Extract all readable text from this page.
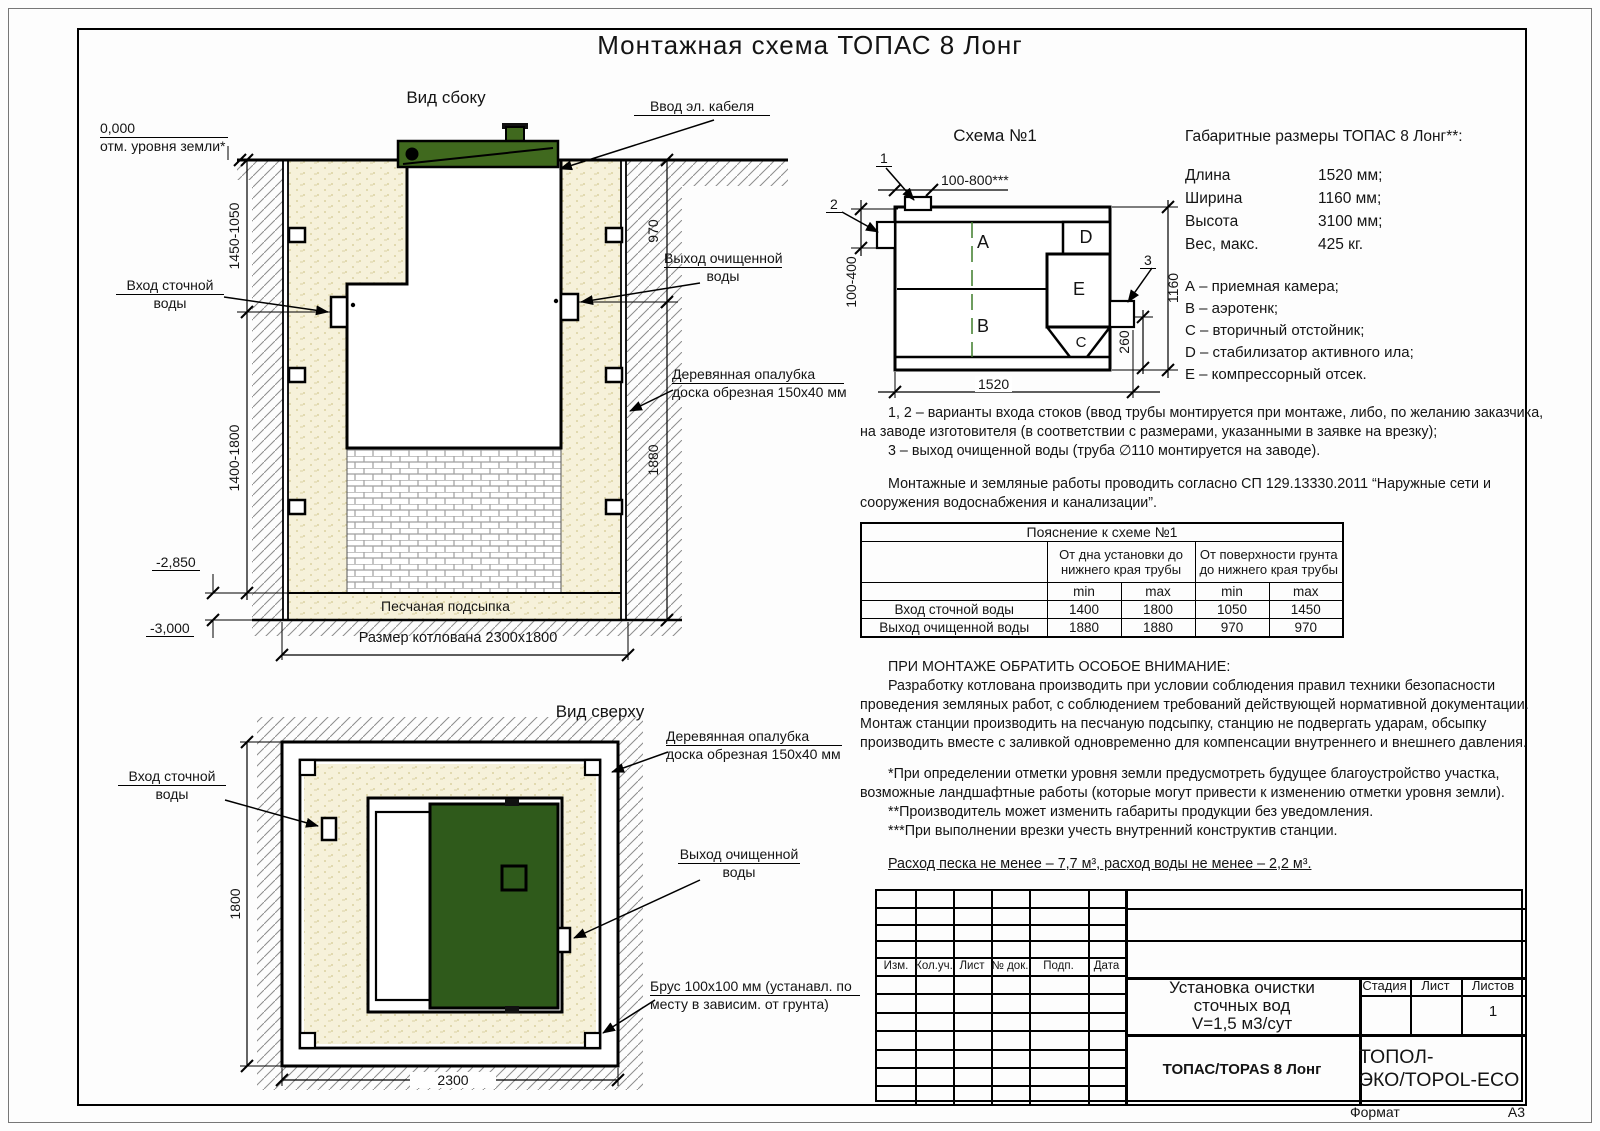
Монтажная схема ТОПАС 8 Лонг
Вид сбоку
0,000
отм. уровня земли*
Ввод эл. кабеля
Вход сточной
воды
Выход очищенной
воды
Деревянная опалубка
доска обрезная 150х40 мм
1450-1050
1400-1800
970
1880
-2,850
-3,000
Песчаная подсыпка
Размер котлована 2300х1800
Вид сверху
Вход сточной
воды
Деревянная опалубка
доска обрезная 150х40 мм
Выход очищенной
воды
Брус 100х100 мм (устанавл. по
месту в зависим. от грунта)
1800
2300
Схема №1
1
2
3
А
В
С
D
Е
100-800***
100-400	1160
260
1520
Габаритные размеры ТОПАС 8 Лонг**:
Длина	1520 мм;
Ширина	1160 мм;
Высота	3100 мм;
Вес, макс.	425 кг.
А – приемная камера;
В – аэротенк;
С – вторичный отстойник;
D – стабилизатор активного ила;
Е – компрессорный отсек.

1, 2 – варианты входа стоков (ввод трубы монтируется при монтаже, либо, по желанию заказчика, на заводе изготовителя (в соответствии с размерами, указанными в заявке на врезку);

3 – выход очищенной воды (труба ∅110 монтируется на заводе).

Монтажные и земляные работы проводить согласно СП 129.13330.2011 “Наружные сети и сооружения водоснабжения и канализации”.

Пояснение к схеме №1				
	От дна установки до нижнего края трубы		От поверхности грунта до нижнего края трубы	
	min	max	min	max
Вход сточной воды	1400	1800	1050	1450
Выход очищенной воды	1880	1880	970	970

ПРИ МОНТАЖЕ ОБРАТИТЬ ОСОБОЕ ВНИМАНИЕ:

Разработку котлована производить при условии соблюдения правил техники безопасности проведения земляных работ, с соблюдением требований действующей нормативной документации. Монтаж станции производить на песчаную подсыпку, станцию не подвергать ударам, обсыпку производить вместе с заливкой одновременно для компенсации внутреннего и внешнего давления.

*При определении отметки уровня земли предусмотреть будущее благоустройство участка, возможные ландшафтные работы (которые могут привести к изменению отметки уровня земли).

**Производитель может изменить габариты продукции без уведомления.

***При выполнении врезки учесть внутренний конструктив станции.

Расход песка не менее – 7,7 м³, расход воды не менее – 2,2 м³.

Изм. Кол.уч. Лист № док.	Подп.	Дата
Установка очистки
сточных вод
V=1,5 м3/сут
Стадия	Лист	Листов
1
ТОПАС/TOPAS 8 Лонг
ТОПОЛ-ЭКО/TOPOL-ECO
Формат	А3
